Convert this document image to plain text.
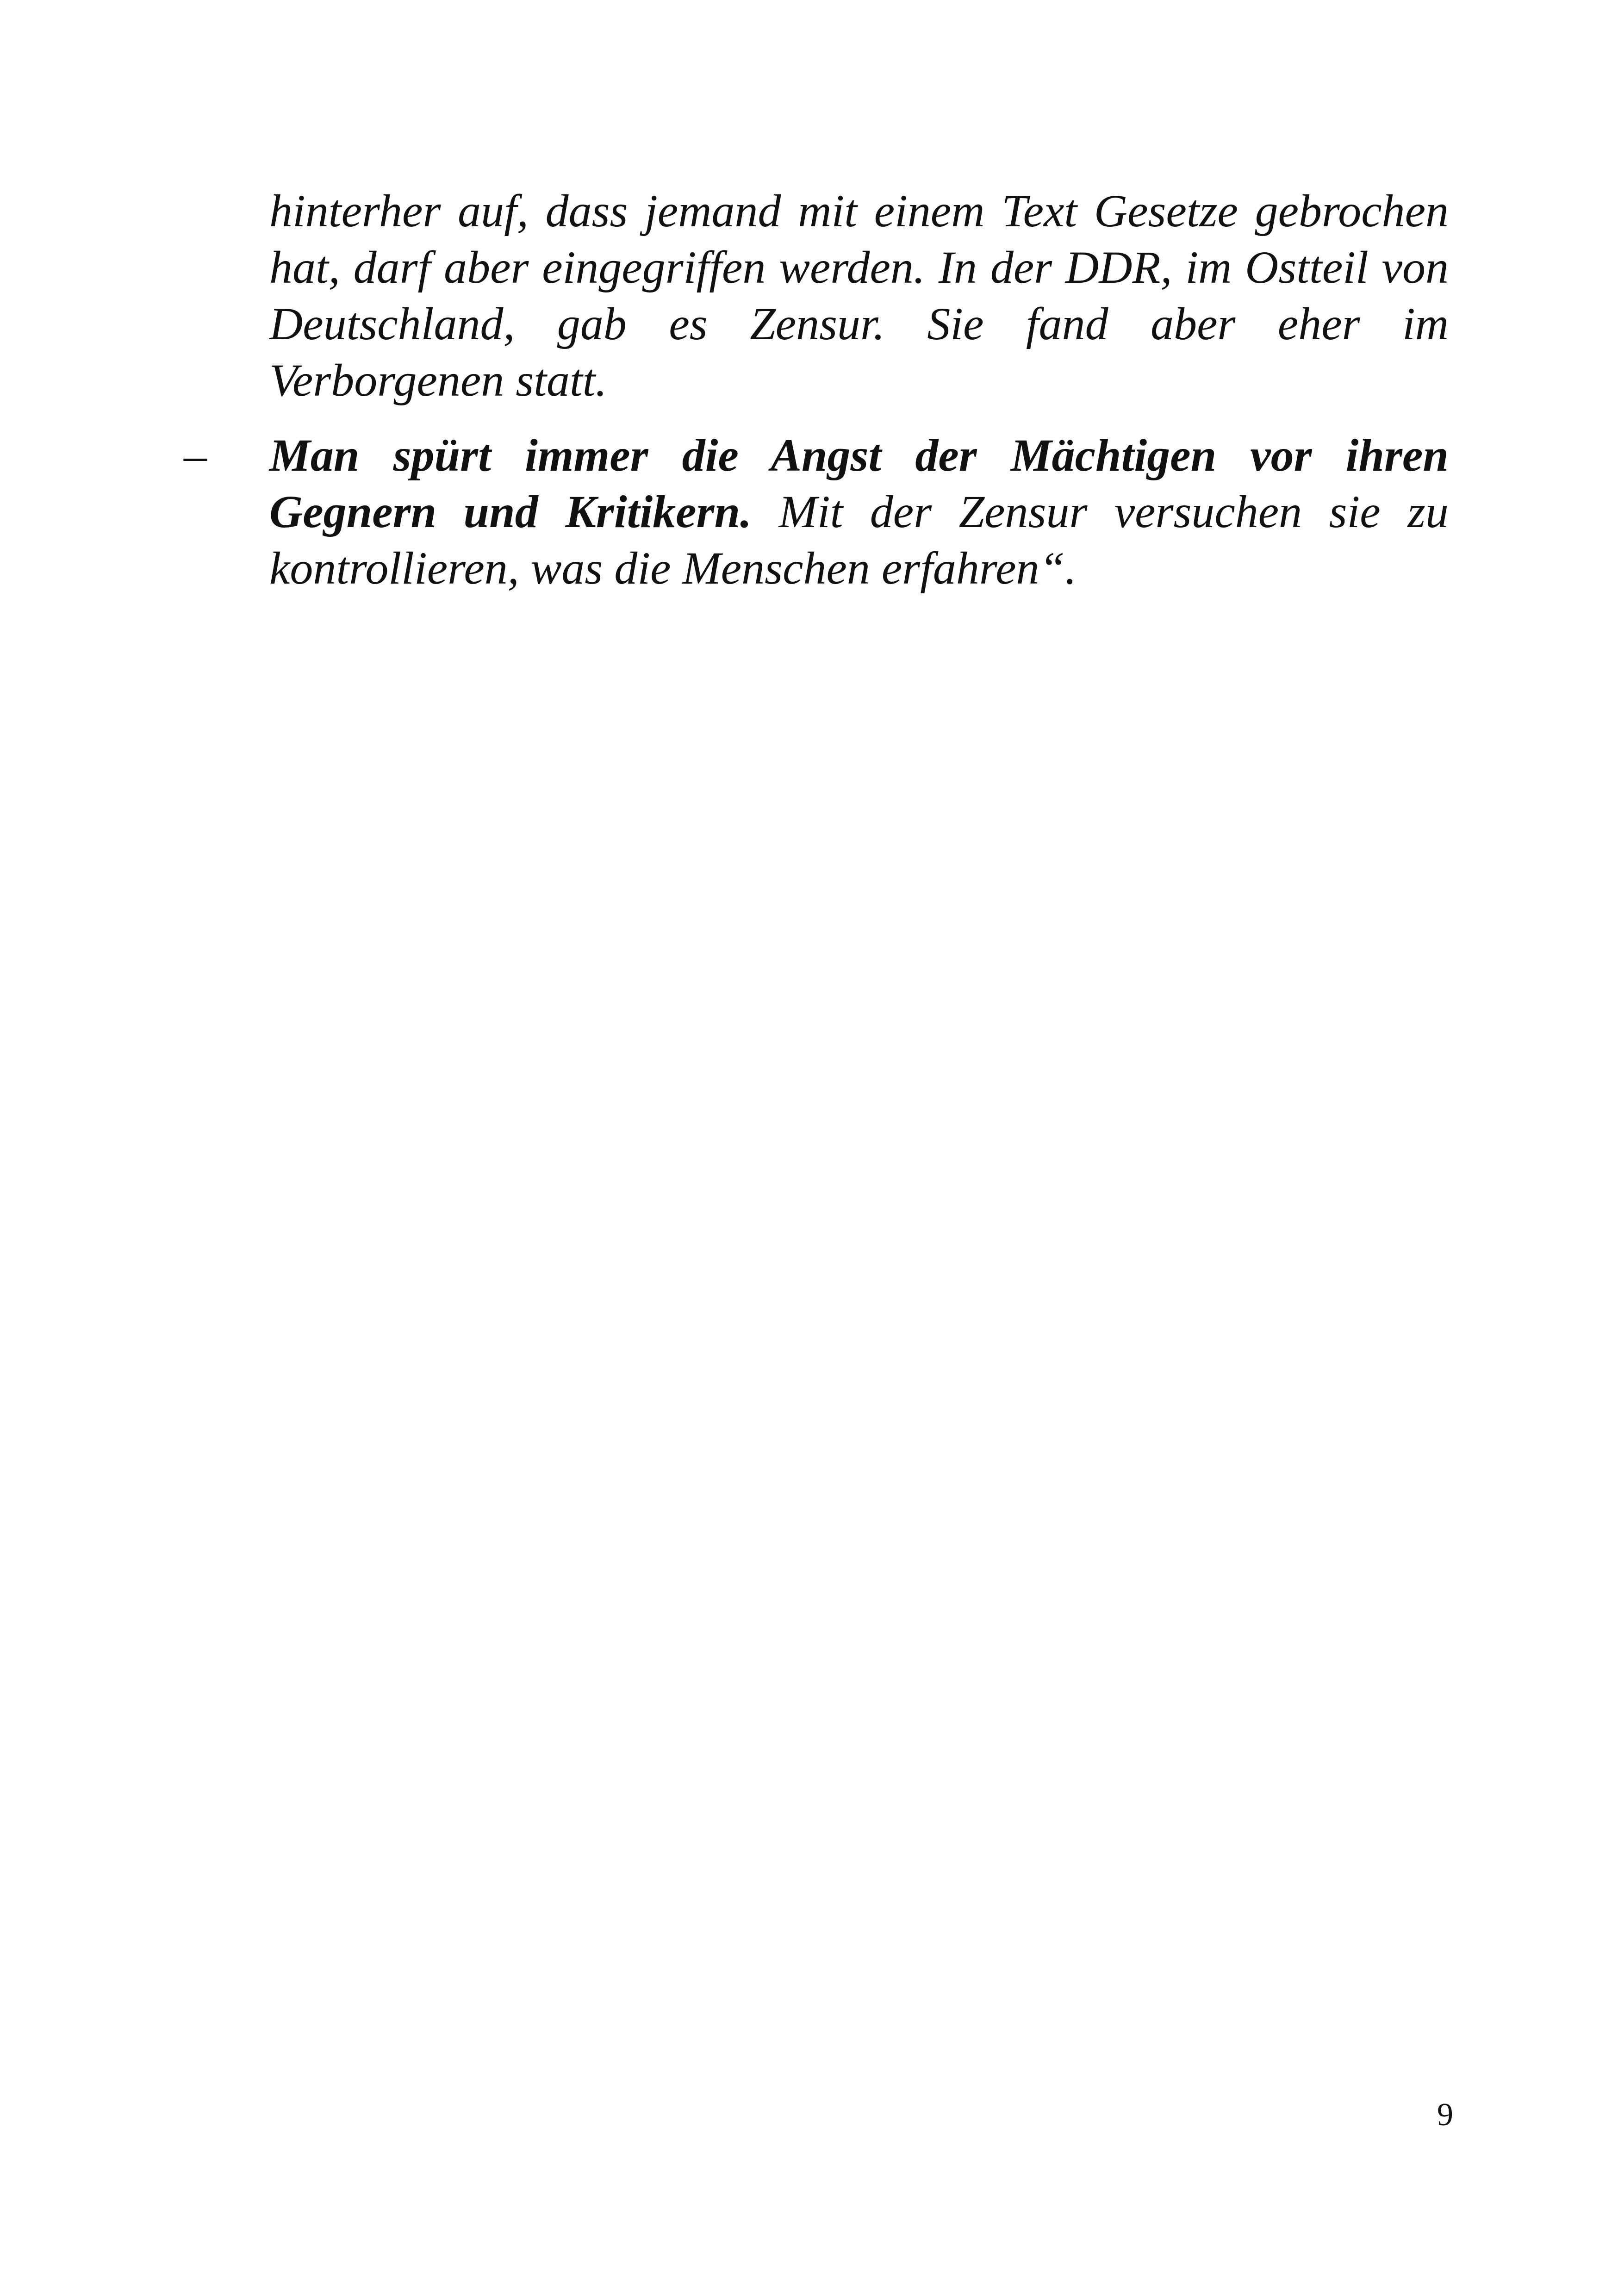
hinterher auf, dass jemand mit einem Text Gesetze gebrochen hat, darf aber eingegriffen werden. In der DDR, im Ostteil von Deutschland, gab es Zensur. Sie fand aber eher im Verborgenen statt.

– Man spürt immer die Angst der Mächtigen vor ihren Gegnern und Kritikern. Mit der Zensur versuchen sie zu kontrollieren, was die Menschen erfahren“.

9
